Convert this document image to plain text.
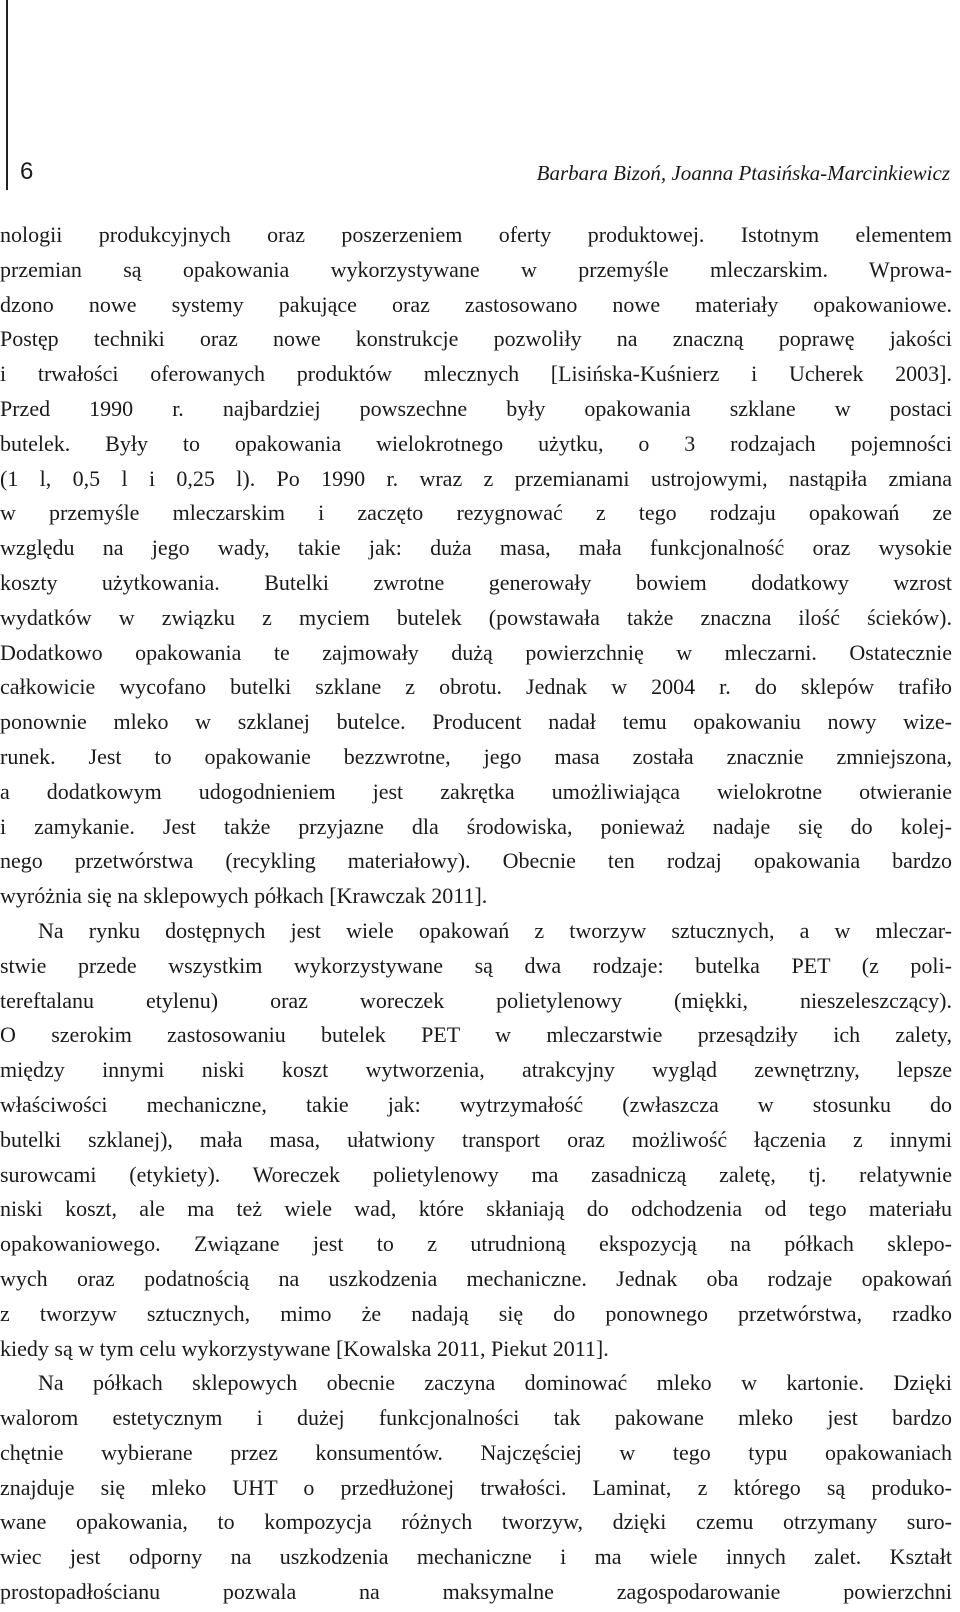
6	Barbara Bizoń, Joanna Ptasińska-Marcinkiewicz
nologii produkcyjnych oraz poszerzeniem oferty produktowej. Istotnym elementem
przemian są opakowania wykorzystywane w przemyśle mleczarskim. Wprowa-
dzono nowe systemy pakujące oraz zastosowano nowe materiały opakowaniowe.
Postęp techniki oraz nowe konstrukcje pozwoliły na znaczną poprawę jakości
i trwałości oferowanych produktów mlecznych [Lisińska-Kuśnierz i Ucherek 2003].
Przed 1990 r. najbardziej powszechne były opakowania szklane w postaci
butelek. Były to opakowania wielokrotnego użytku, o 3 rodzajach pojemności
(1 l, 0,5 l i 0,25 l). Po 1990 r. wraz z przemianami ustrojowymi, nastąpiła zmiana
w przemyśle mleczarskim i zaczęto rezygnować z tego rodzaju opakowań ze
względu na jego wady, takie jak: duża masa, mała funkcjonalność oraz wysokie
koszty użytkowania. Butelki zwrotne generowały bowiem dodatkowy wzrost
wydatków w związku z myciem butelek (powstawała także znaczna ilość ścieków).
Dodatkowo opakowania te zajmowały dużą powierzchnię w mleczarni. Ostatecznie
całkowicie wycofano butelki szklane z obrotu. Jednak w 2004 r. do sklepów trafiło
ponownie mleko w szklanej butelce. Producent nadał temu opakowaniu nowy wize-
runek. Jest to opakowanie bezzwrotne, jego masa została znacznie zmniejszona,
a dodatkowym udogodnieniem jest zakrętka umożliwiająca wielokrotne otwieranie
i zamykanie. Jest także przyjazne dla środowiska, ponieważ nadaje się do kolej-
nego przetwórstwa (recykling materiałowy). Obecnie ten rodzaj opakowania bardzo
wyróżnia się na sklepowych półkach [Krawczak 2011].
Na rynku dostępnych jest wiele opakowań z tworzyw sztucznych, a w mleczar-
stwie przede wszystkim wykorzystywane są dwa rodzaje: butelka PET (z poli-
tereftalanu etylenu) oraz woreczek polietylenowy (miękki, nieszeleszczący).
O szerokim zastosowaniu butelek PET w mleczarstwie przesądziły ich zalety,
między innymi niski koszt wytworzenia, atrakcyjny wygląd zewnętrzny, lepsze
właściwości mechaniczne, takie jak: wytrzymałość (zwłaszcza w stosunku do
butelki szklanej), mała masa, ułatwiony transport oraz możliwość łączenia z innymi
surowcami (etykiety). Woreczek polietylenowy ma zasadniczą zaletę, tj. relatywnie
niski koszt, ale ma też wiele wad, które skłaniają do odchodzenia od tego materiału
opakowaniowego. Związane jest to z utrudnioną ekspozycją na półkach sklepo-
wych oraz podatnością na uszkodzenia mechaniczne. Jednak oba rodzaje opakowań
z tworzyw sztucznych, mimo że nadają się do ponownego przetwórstwa, rzadko
kiedy są w tym celu wykorzystywane [Kowalska 2011, Piekut 2011].
Na półkach sklepowych obecnie zaczyna dominować mleko w kartonie. Dzięki
walorom estetycznym i dużej funkcjonalności tak pakowane mleko jest bardzo
chętnie wybierane przez konsumentów. Najczęściej w tego typu opakowaniach
znajduje się mleko UHT o przedłużonej trwałości. Laminat, z którego są produko-
wane opakowania, to kompozycja różnych tworzyw, dzięki czemu otrzymany suro-
wiec jest odporny na uszkodzenia mechaniczne i ma wiele innych zalet. Kształt
prostopadłościanu pozwala na maksymalne zagospodarowanie powierzchni
